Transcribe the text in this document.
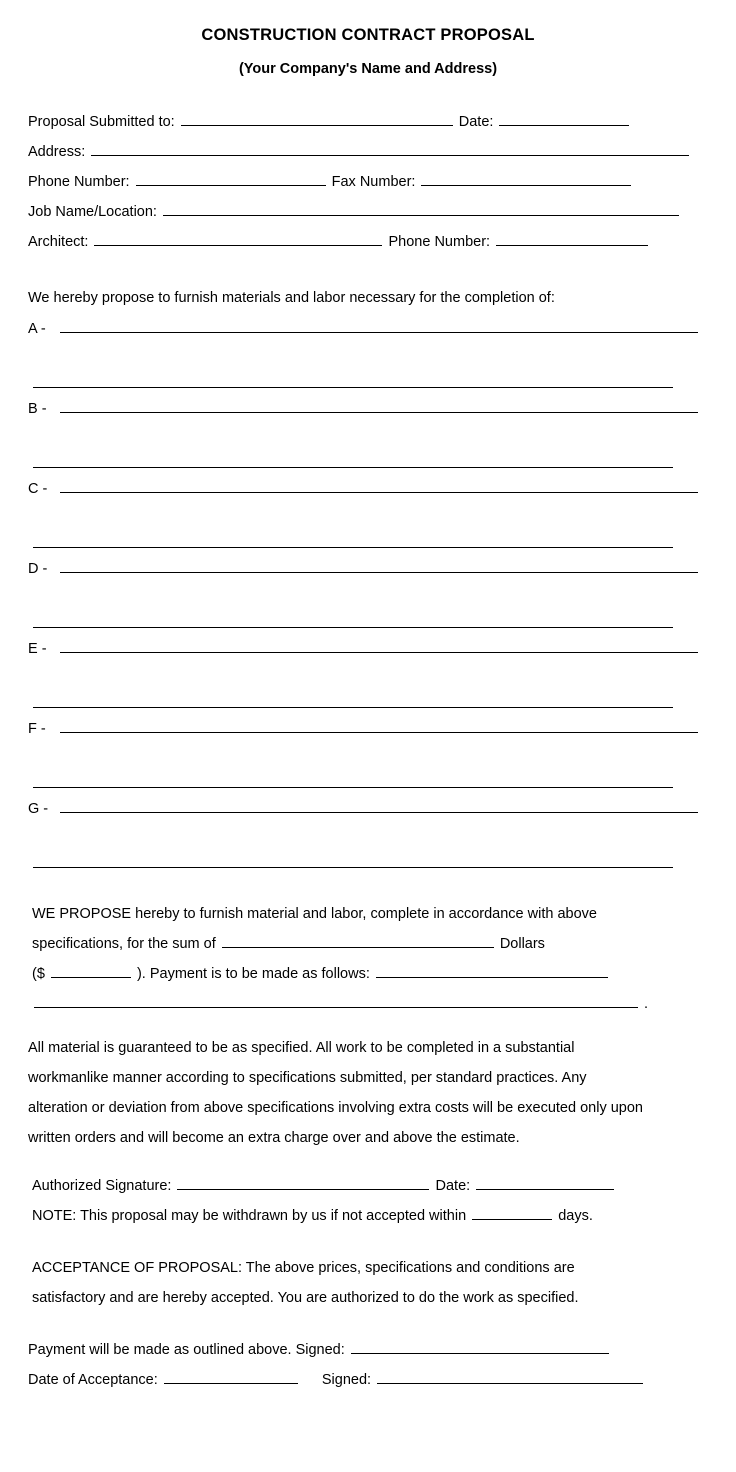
CONSTRUCTION CONTRACT PROPOSAL
(Your Company's Name and Address)
Proposal Submitted to:	Date:
Address:
Phone Number:	Fax Number:
Job Name/Location:
Architect:	Phone Number:
We hereby propose to furnish materials and labor necessary for the completion of:
A -
B -
C -
D -
E -
F -
G -
WE PROPOSE hereby to furnish material and labor, complete in accordance with above
specifications, for the sum of	Dollars
($	). Payment is to be made as follows:
.
All material is guaranteed to be as specified. All work to be completed in a substantial
workmanlike manner according to specifications submitted, per standard practices. Any
alteration or deviation from above specifications involving extra costs will be executed only upon
written orders and will become an extra charge over and above the estimate.
Authorized Signature:	Date:
NOTE: This proposal may be withdrawn by us if not accepted within	days.
ACCEPTANCE OF PROPOSAL: The above prices, specifications and conditions are
satisfactory and are hereby accepted. You are authorized to do the work as specified.
Payment will be made as outlined above. Signed:
Date of Acceptance:	Signed:
